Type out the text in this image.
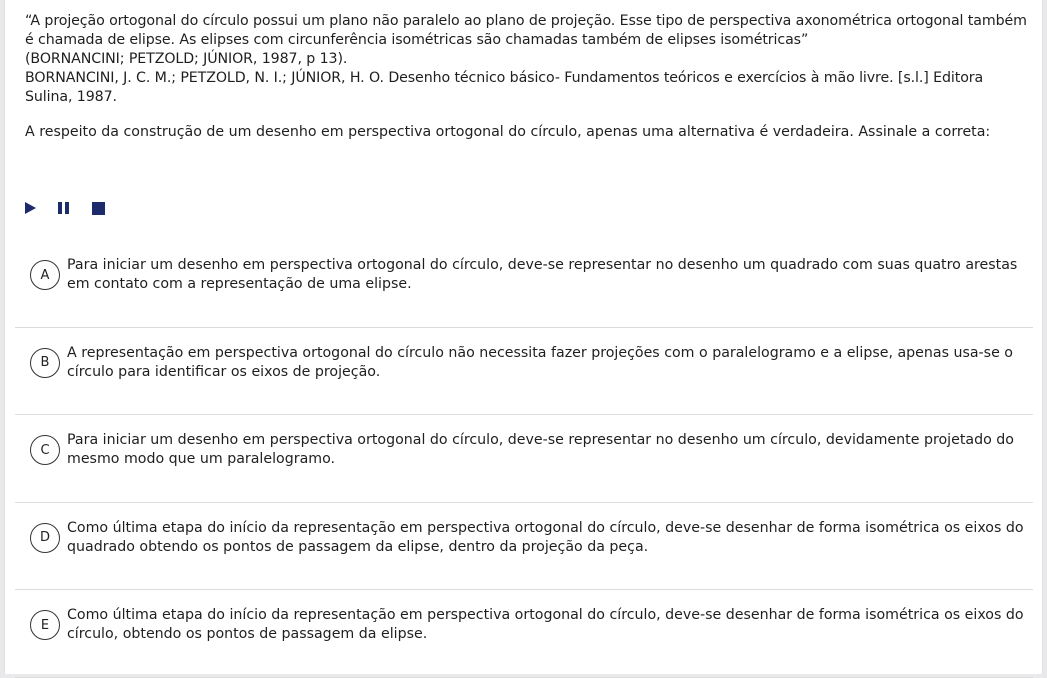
“A projeção ortogonal do círculo possui um plano não paralelo ao plano de projeção. Esse tipo de perspectiva axonométrica ortogonal também é chamada de elipse. As elipses com circunferência isométricas são chamadas também de elipses isométricas”

(BORNANCINI; PETZOLD; JÚNIOR, 1987, p 13).

BORNANCINI, J. C. M.; PETZOLD, N. I.; JÚNIOR, H. O. Desenho técnico básico- Fundamentos teóricos e exercícios à mão livre. [s.l.] Editora Sulina, 1987.

A respeito da construção de um desenho em perspectiva ortogonal do círculo, apenas uma alternativa é verdadeira. Assinale a correta:
A
Para iniciar um desenho em perspectiva ortogonal do círculo, deve-se representar no desenho um quadrado com suas quatro arestas em contato com a representação de uma elipse.
B
A representação em perspectiva ortogonal do círculo não necessita fazer projeções com o paralelogramo e a elipse, apenas usa-se o círculo para identificar os eixos de projeção.
C
Para iniciar um desenho em perspectiva ortogonal do círculo, deve-se representar no desenho um círculo, devidamente projetado do mesmo modo que um paralelogramo.
D
Como última etapa do início da representação em perspectiva ortogonal do círculo, deve-se desenhar de forma isométrica os eixos do quadrado obtendo os pontos de passagem da elipse, dentro da projeção da peça.
E
Como última etapa do início da representação em perspectiva ortogonal do círculo, deve-se desenhar de forma isométrica os eixos do círculo, obtendo os pontos de passagem da elipse.
